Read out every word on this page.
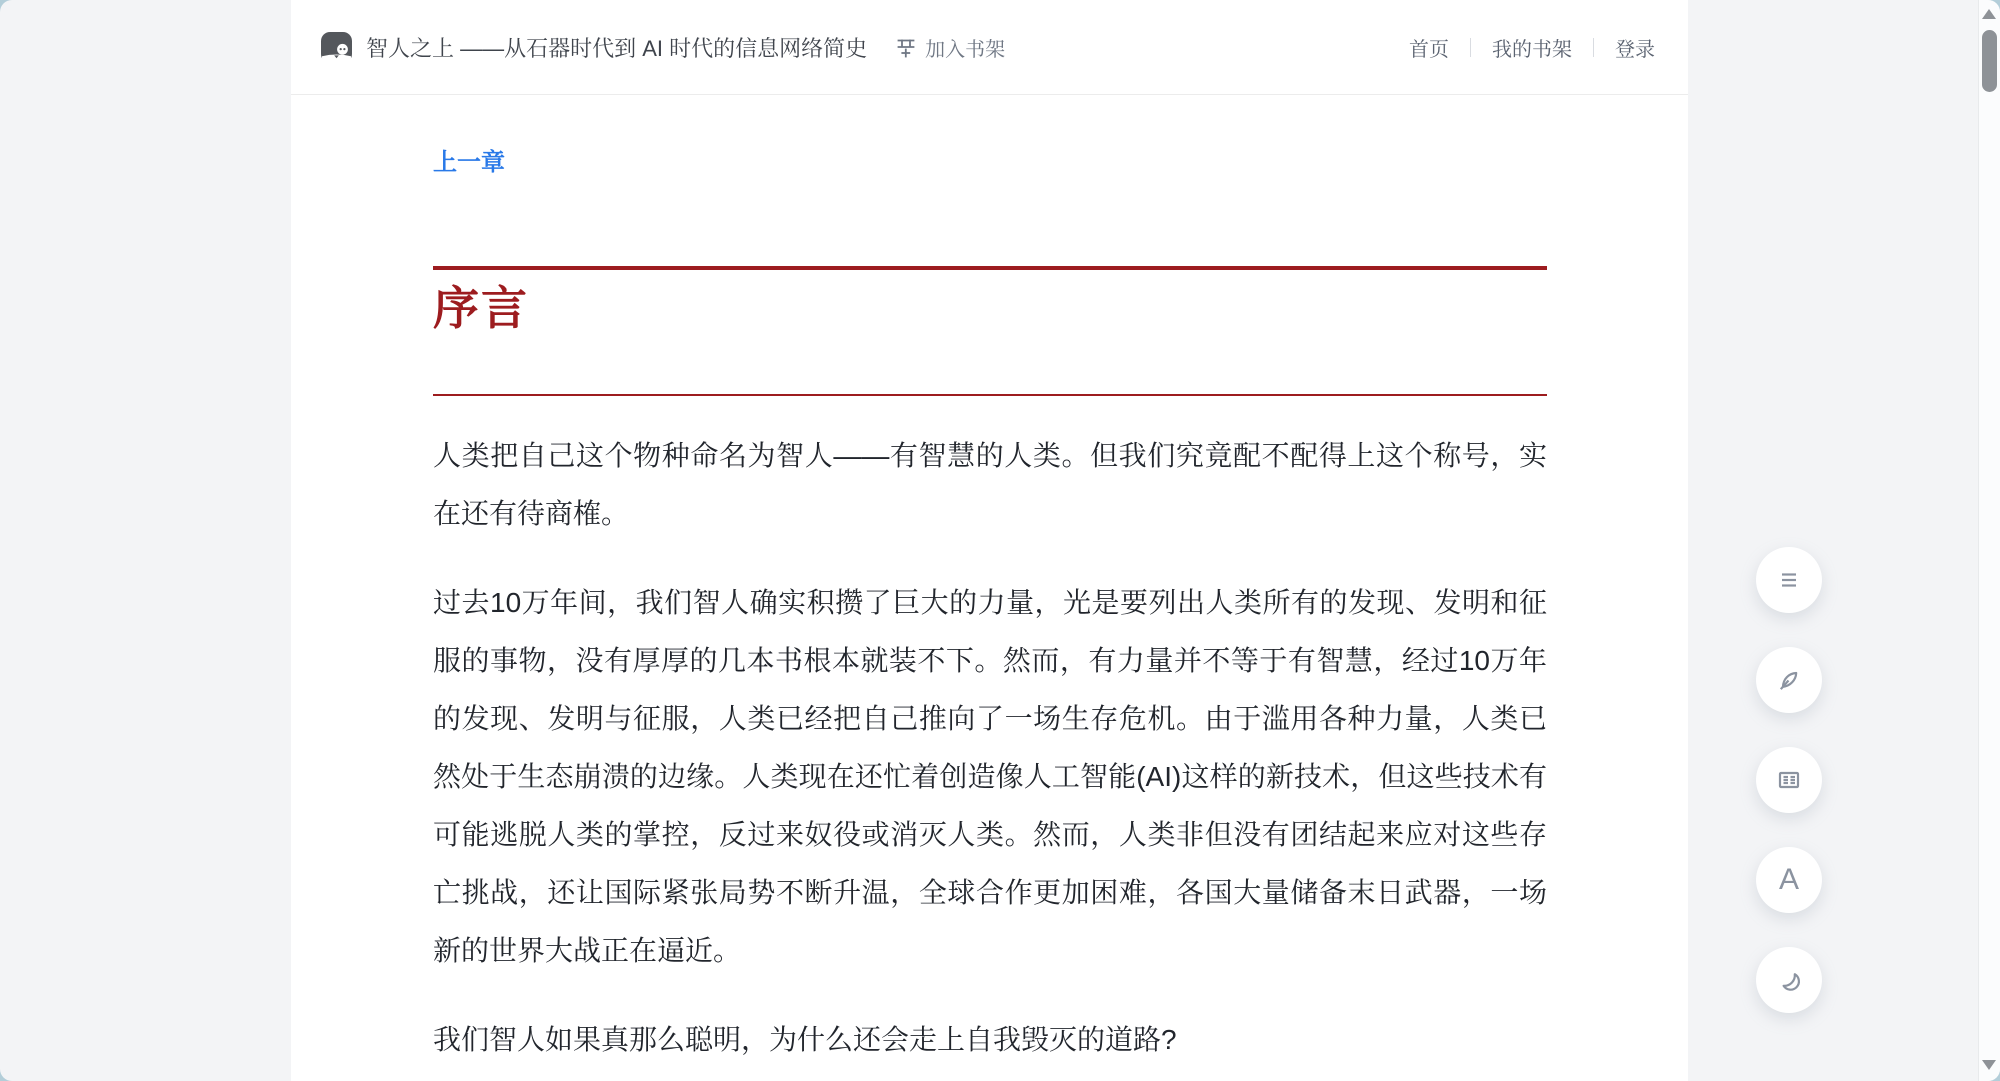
智人之上 ——从石器时代到 AI 时代的信息网络简史	加入书架	首页 我的书架 登录
上一章
序言

人类把自己这个物种命名为智人——有智慧的人类。但我们究竟配不配得上这个称号，实在还有待商榷。

过去10万年间，我们智人确实积攒了巨大的力量，光是要列出人类所有的发现、发明和征服的事物，没有厚厚的几本书根本就装不下。然而，有力量并不等于有智慧，经过10万年的发现、发明与征服，人类已经把自己推向了一场生存危机。由于滥用各种力量，人类已然处于生态崩溃的边缘。人类现在还忙着创造像人工智能(AI)这样的新技术，但这些技术有可能逃脱人类的掌控，反过来奴役或消灭人类。然而，人类非但没有团结起来应对这些存亡挑战，还让国际紧张局势不断升温，全球合作更加困难，各国大量储备末日武器，一场新的世界大战正在逼近。

我们智人如果真那么聪明，为什么还会走上自我毁灭的道路?

A
